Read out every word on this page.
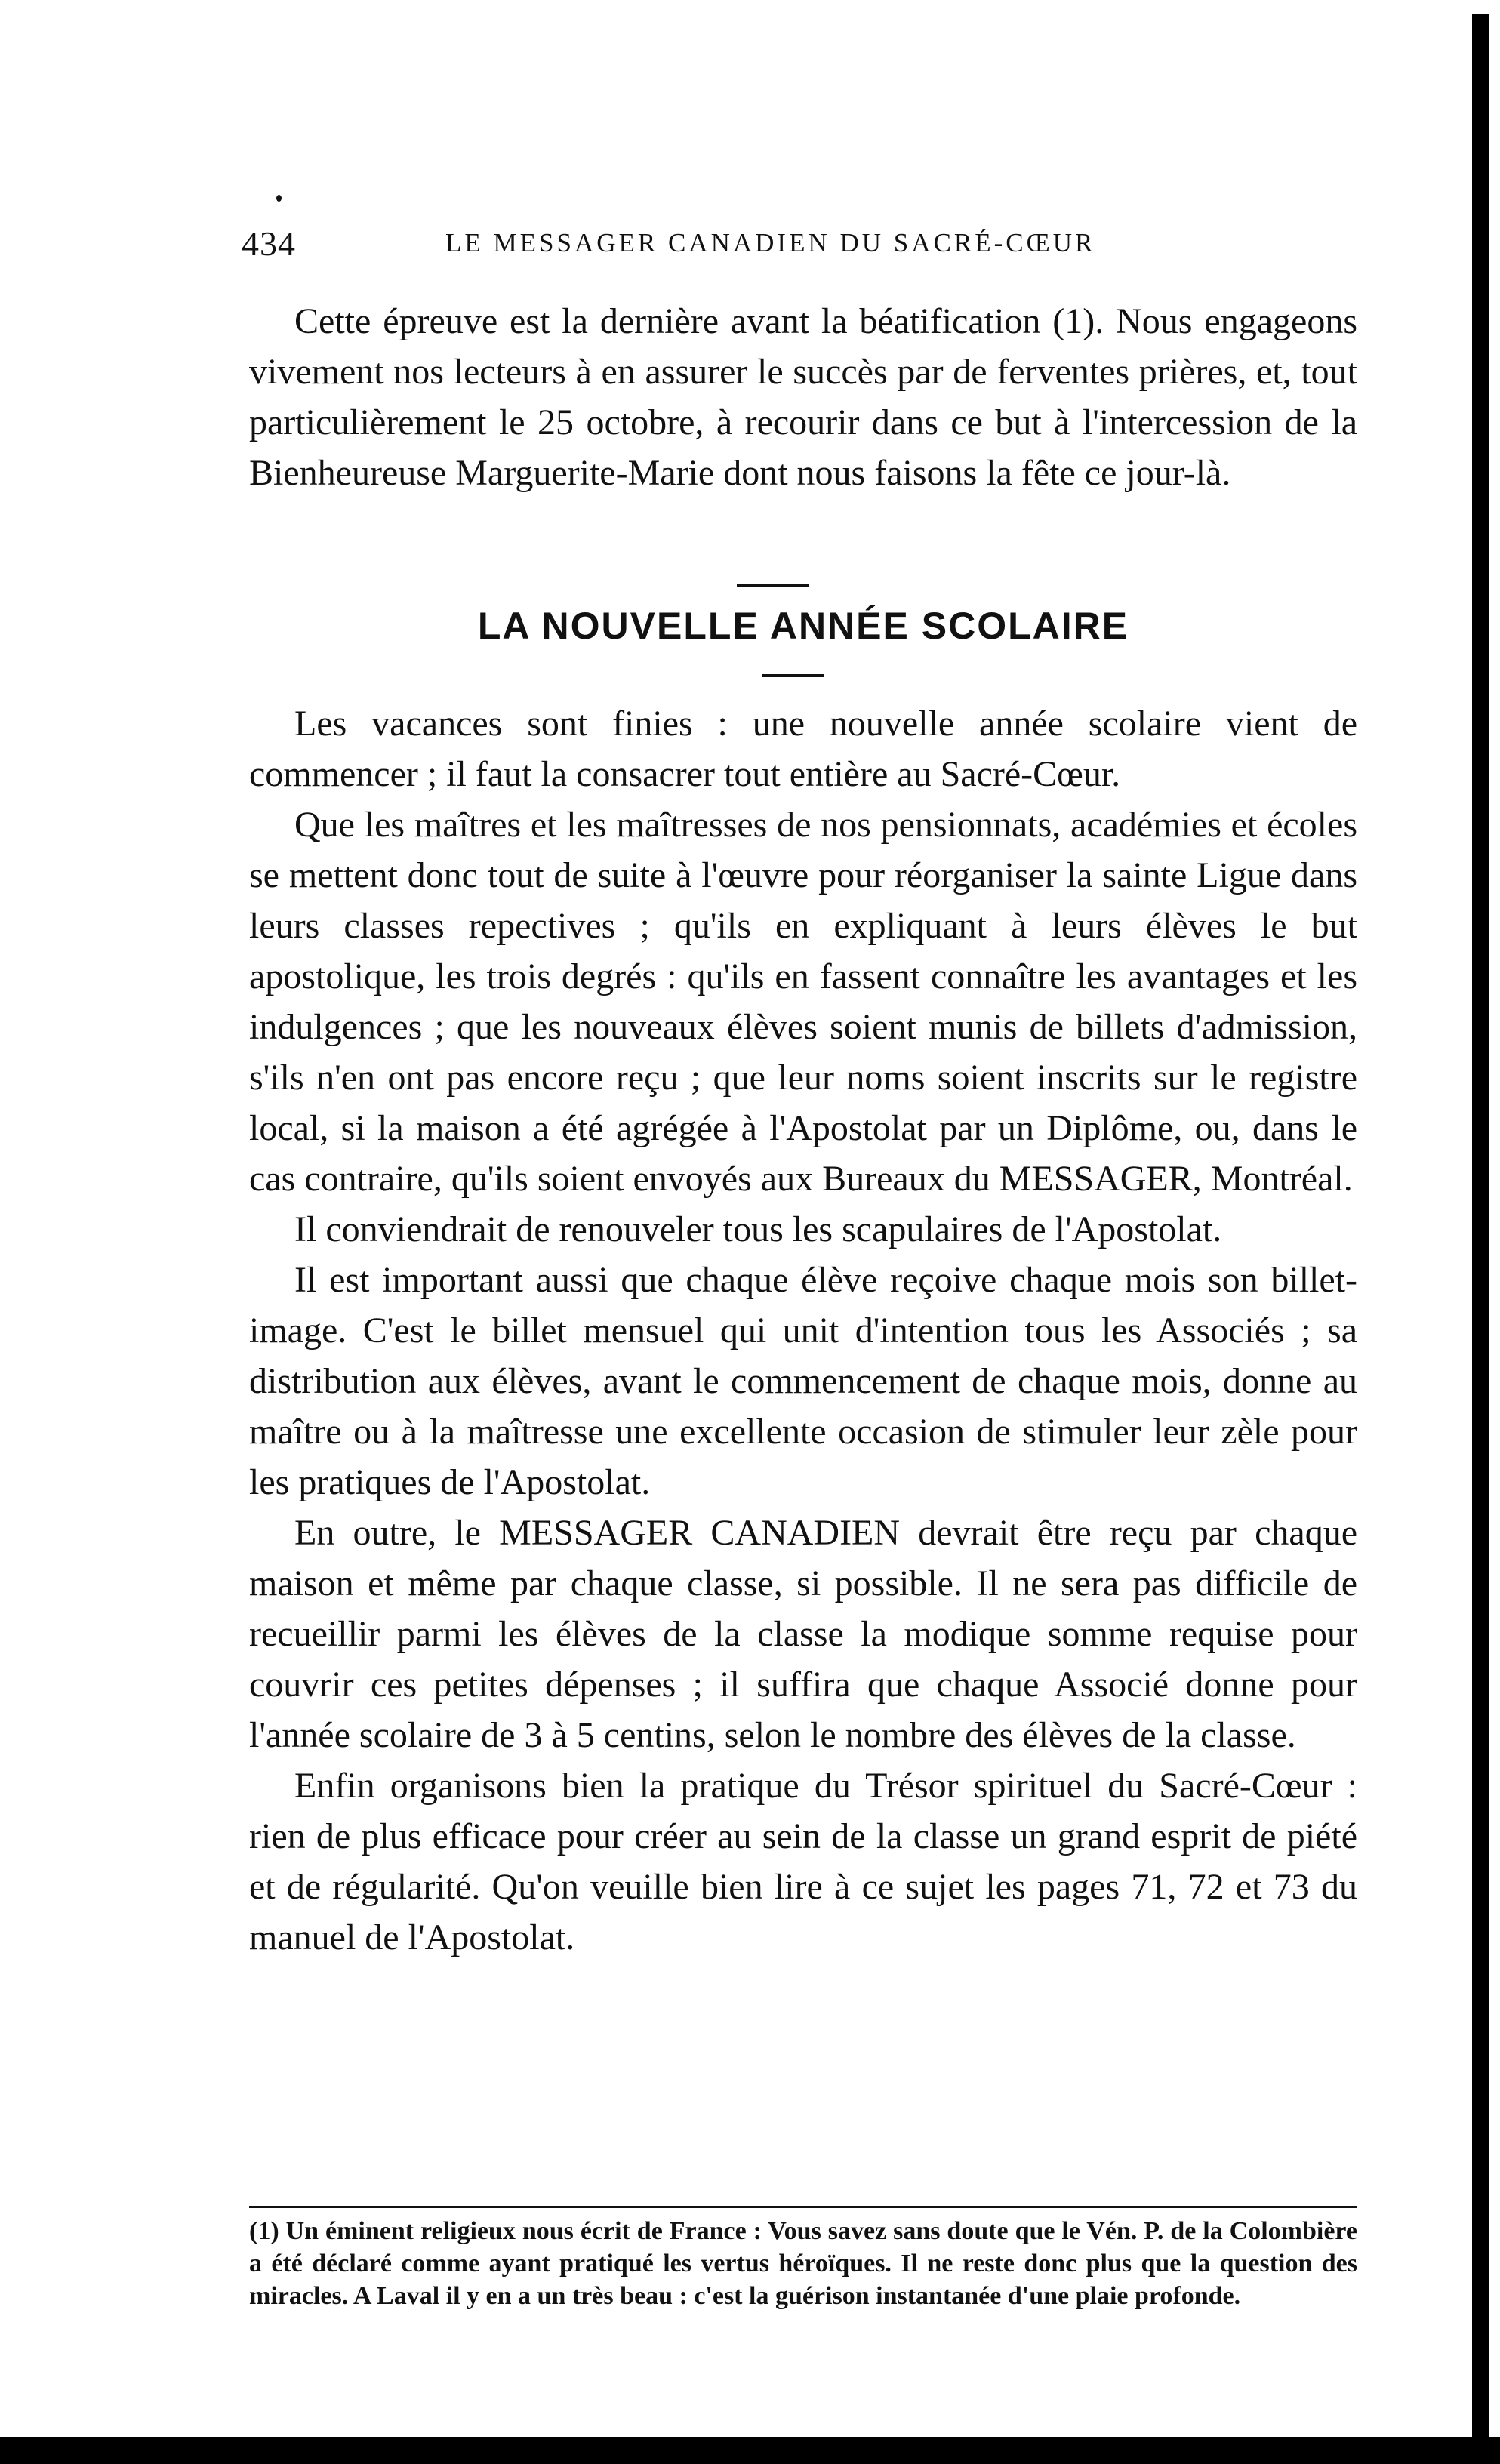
434	LE MESSAGER CANADIEN DU SACRÉ-CŒUR

Cette épreuve est la dernière avant la béatification (1). Nous engageons vivement nos lecteurs à en assurer le succès par de ferventes prières, et, tout particulièrement le 25 octobre, à recourir dans ce but à l'intercession de la Bienheureuse Marguerite-Marie dont nous faisons la fête ce jour-là.

LA NOUVELLE ANNÉE SCOLAIRE

Les vacances sont finies : une nouvelle année scolaire vient de commencer ; il faut la consacrer tout entière au Sacré-Cœur.

Que les maîtres et les maîtresses de nos pensionnats, académies et écoles se mettent donc tout de suite à l'œuvre pour réorganiser la sainte Ligue dans leurs classes repectives ; qu'ils en expliquant à leurs élèves le but apostolique, les trois degrés : qu'ils en fassent connaître les avantages et les indulgences ; que les nouveaux élèves soient munis de billets d'admission, s'ils n'en ont pas encore reçu ; que leur noms soient inscrits sur le registre local, si la maison a été agrégée à l'Apostolat par un Diplôme, ou, dans le cas contraire, qu'ils soient envoyés aux Bureaux du MESSAGER, Montréal.

Il conviendrait de renouveler tous les scapulaires de l'Apostolat.

Il est important aussi que chaque élève reçoive chaque mois son billet-image. C'est le billet mensuel qui unit d'intention tous les Associés ; sa distribution aux élèves, avant le commencement de chaque mois, donne au maître ou à la maîtresse une excellente occasion de stimuler leur zèle pour les pratiques de l'Apostolat.

En outre, le MESSAGER CANADIEN devrait être reçu par chaque maison et même par chaque classe, si possible. Il ne sera pas difficile de recueillir parmi les élèves de la classe la modique somme requise pour couvrir ces petites dépenses ; il suffira que chaque Associé donne pour l'année scolaire de 3 à 5 centins, selon le nombre des élèves de la classe.

Enfin organisons bien la pratique du Trésor spirituel du Sacré-Cœur : rien de plus efficace pour créer au sein de la classe un grand esprit de piété et de régularité. Qu'on veuille bien lire à ce sujet les pages 71, 72 et 73 du manuel de l'Apostolat.

(1) Un éminent religieux nous écrit de France : Vous savez sans doute que le Vén. P. de la Colombière a été déclaré comme ayant pratiqué les vertus héroïques. Il ne reste donc plus que la question des miracles. A Laval il y en a un très beau : c'est la guérison instantanée d'une plaie profonde.
